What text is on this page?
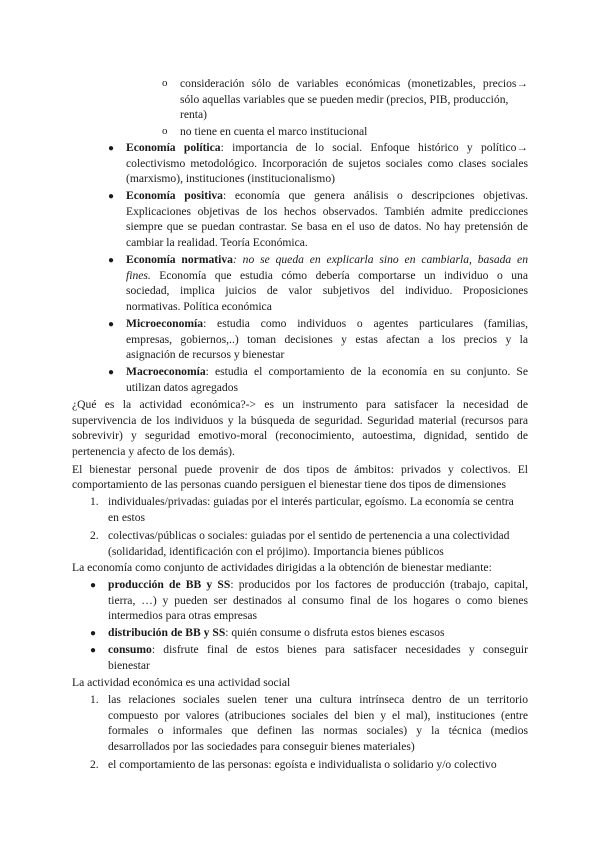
o consideración sólo de variables económicas (monetizables, precios→
sólo aquellas variables que se pueden medir (precios, PIB, producción,
renta)
o no tiene en cuenta el marco institucional
● Economía política: importancia de lo social. Enfoque histórico y político→
colectivismo metodológico. Incorporación de sujetos sociales como clases sociales
(marxismo), instituciones (institucionalismo)
● Economía positiva: economía que genera análisis o descripciones objetivas.
Explicaciones objetivas de los hechos observados. También admite predicciones
siempre que se puedan contrastar. Se basa en el uso de datos. No hay pretensión de
cambiar la realidad. Teoría Económica.
● Economía normativa: no se queda en explicarla sino en cambiarla, basada en
fines. Economía que estudia cómo debería comportarse un individuo o una
sociedad, implica juicios de valor subjetivos del individuo. Proposiciones
normativas. Política económica
● Microeconomía: estudia como individuos o agentes particulares (familias,
empresas, gobiernos,..) toman decisiones y estas afectan a los precios y la
asignación de recursos y bienestar
● Macroeconomía: estudia el comportamiento de la economía en su conjunto. Se
utilizan datos agregados
¿Qué es la actividad económica?-> es un instrumento para satisfacer la necesidad de
supervivencia de los individuos y la búsqueda de seguridad. Seguridad material (recursos para
sobrevivir) y seguridad emotivo-moral (reconocimiento, autoestima, dignidad, sentido de
pertenencia y afecto de los demás).
El bienestar personal puede provenir de dos tipos de ámbitos: privados y colectivos. El
comportamiento de las personas cuando persiguen el bienestar tiene dos tipos de dimensiones
1. individuales/privadas: guiadas por el interés particular, egoísmo. La economía se centra
en estos
2. colectivas/públicas o sociales: guiadas por el sentido de pertenencia a una colectividad
(solidaridad, identificación con el prójimo). Importancia bienes públicos
La economía como conjunto de actividades dirigidas a la obtención de bienestar mediante:
● producción de BB y SS: producidos por los factores de producción (trabajo, capital,
tierra, …) y pueden ser destinados al consumo final de los hogares o como bienes
intermedios para otras empresas
● distribución de BB y SS: quién consume o disfruta estos bienes escasos
● consumo: disfrute final de estos bienes para satisfacer necesidades y conseguir
bienestar
La actividad económica es una actividad social
1. las relaciones sociales suelen tener una cultura intrínseca dentro de un territorio
compuesto por valores (atribuciones sociales del bien y el mal), instituciones (entre
formales o informales que definen las normas sociales) y la técnica (medios
desarrollados por las sociedades para conseguir bienes materiales)
2. el comportamiento de las personas: egoísta e individualista o solidario y/o colectivo
